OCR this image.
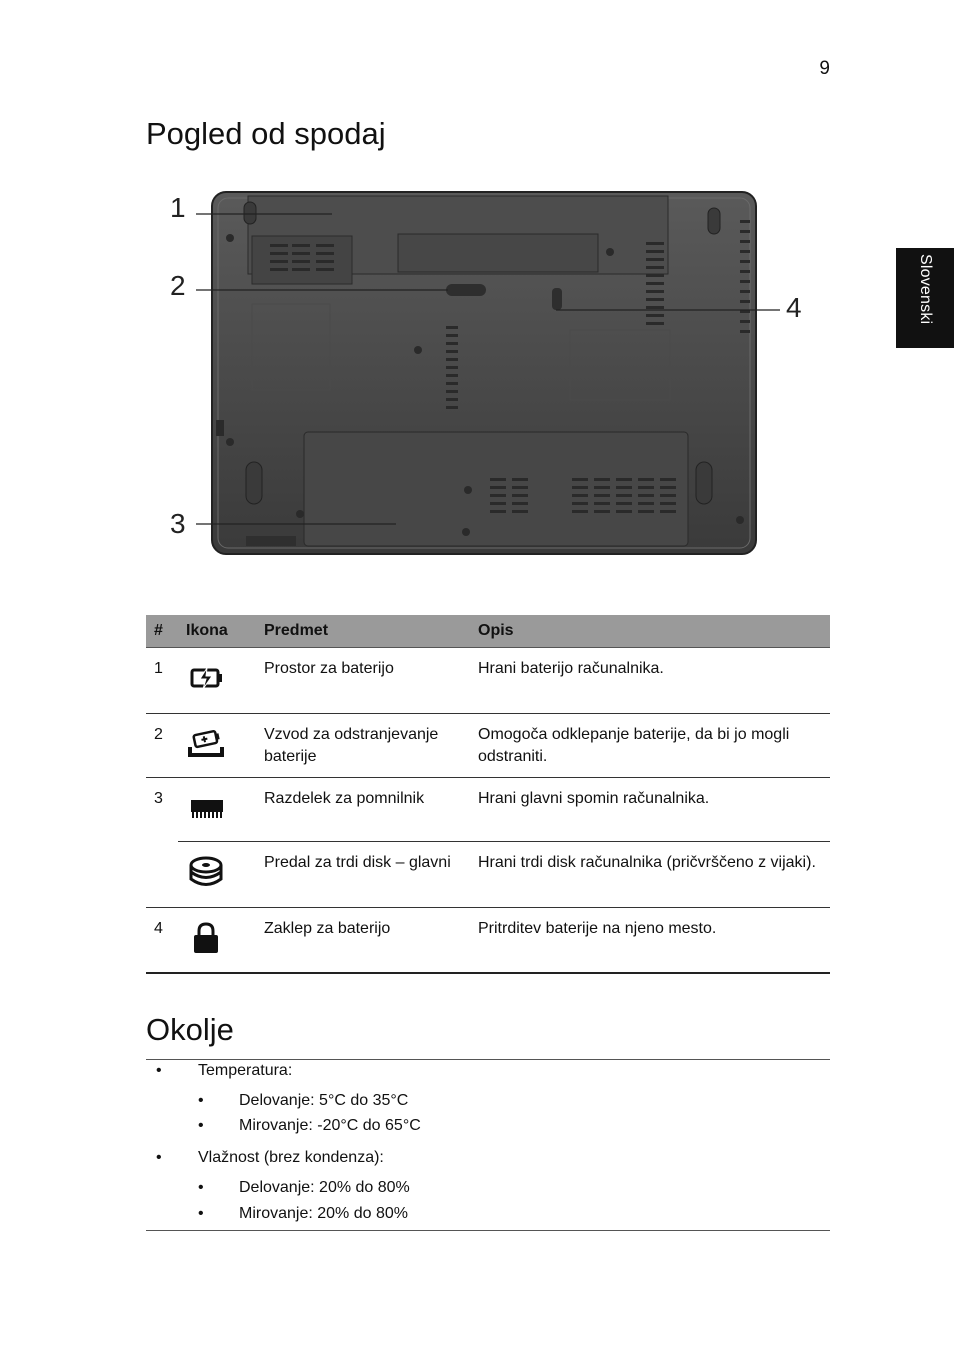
9
Slovenski
Pogled od spodaj
1
2
3
4
#	Ikona	Predmet	Opis
1		Prostor za baterijo	Hrani baterijo računalnika.
2		Vzvod za odstranjevanje baterije	Omogoča odklepanje baterije, da bi jo mogli odstraniti.
3		Razdelek za pomnilnik	Hrani glavni spomin računalnika.
		Predal za trdi disk – glavni	Hrani trdi disk računalnika (pričvrščeno z vijaki).
4		Zaklep za baterijo	Pritrditev baterije na njeno mesto.
Okolje
• Temperatura:
• Delovanje: 5°C do 35°C
• Mirovanje: -20°C do 65°C
• Vlažnost (brez kondenza):
• Delovanje: 20% do 80%
• Mirovanje: 20% do 80%
